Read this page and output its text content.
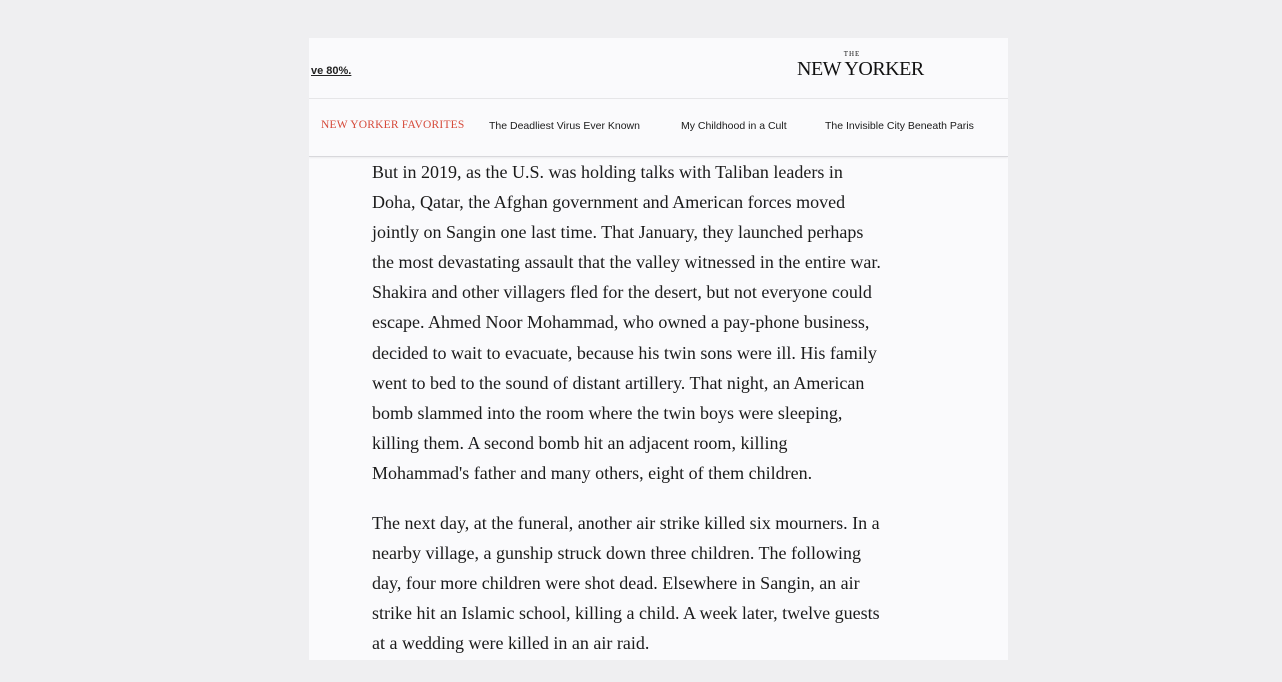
ve 80%.
THE
NEW YORKER
NEW YORKER FAVORITES The Deadliest Virus Ever Known	My Childhood in a Cult	The Invisible City Beneath Paris

But in 2019, as the U.S. was holding talks with Taliban leaders in
Doha, Qatar, the Afghan government and American forces moved
jointly on Sangin one last time. That January, they launched perhaps
the most devastating assault that the valley witnessed in the entire war.
Shakira and other villagers fled for the desert, but not everyone could
escape. Ahmed Noor Mohammad, who owned a pay-phone business,
decided to wait to evacuate, because his twin sons were ill. His family
went to bed to the sound of distant artillery. That night, an American
bomb slammed into the room where the twin boys were sleeping,
killing them. A second bomb hit an adjacent room, killing
Mohammad's father and many others, eight of them children.

The next day, at the funeral, another air strike killed six mourners. In a
nearby village, a gunship struck down three children. The following
day, four more children were shot dead. Elsewhere in Sangin, an air
strike hit an Islamic school, killing a child. A week later, twelve guests
at a wedding were killed in an air raid.
